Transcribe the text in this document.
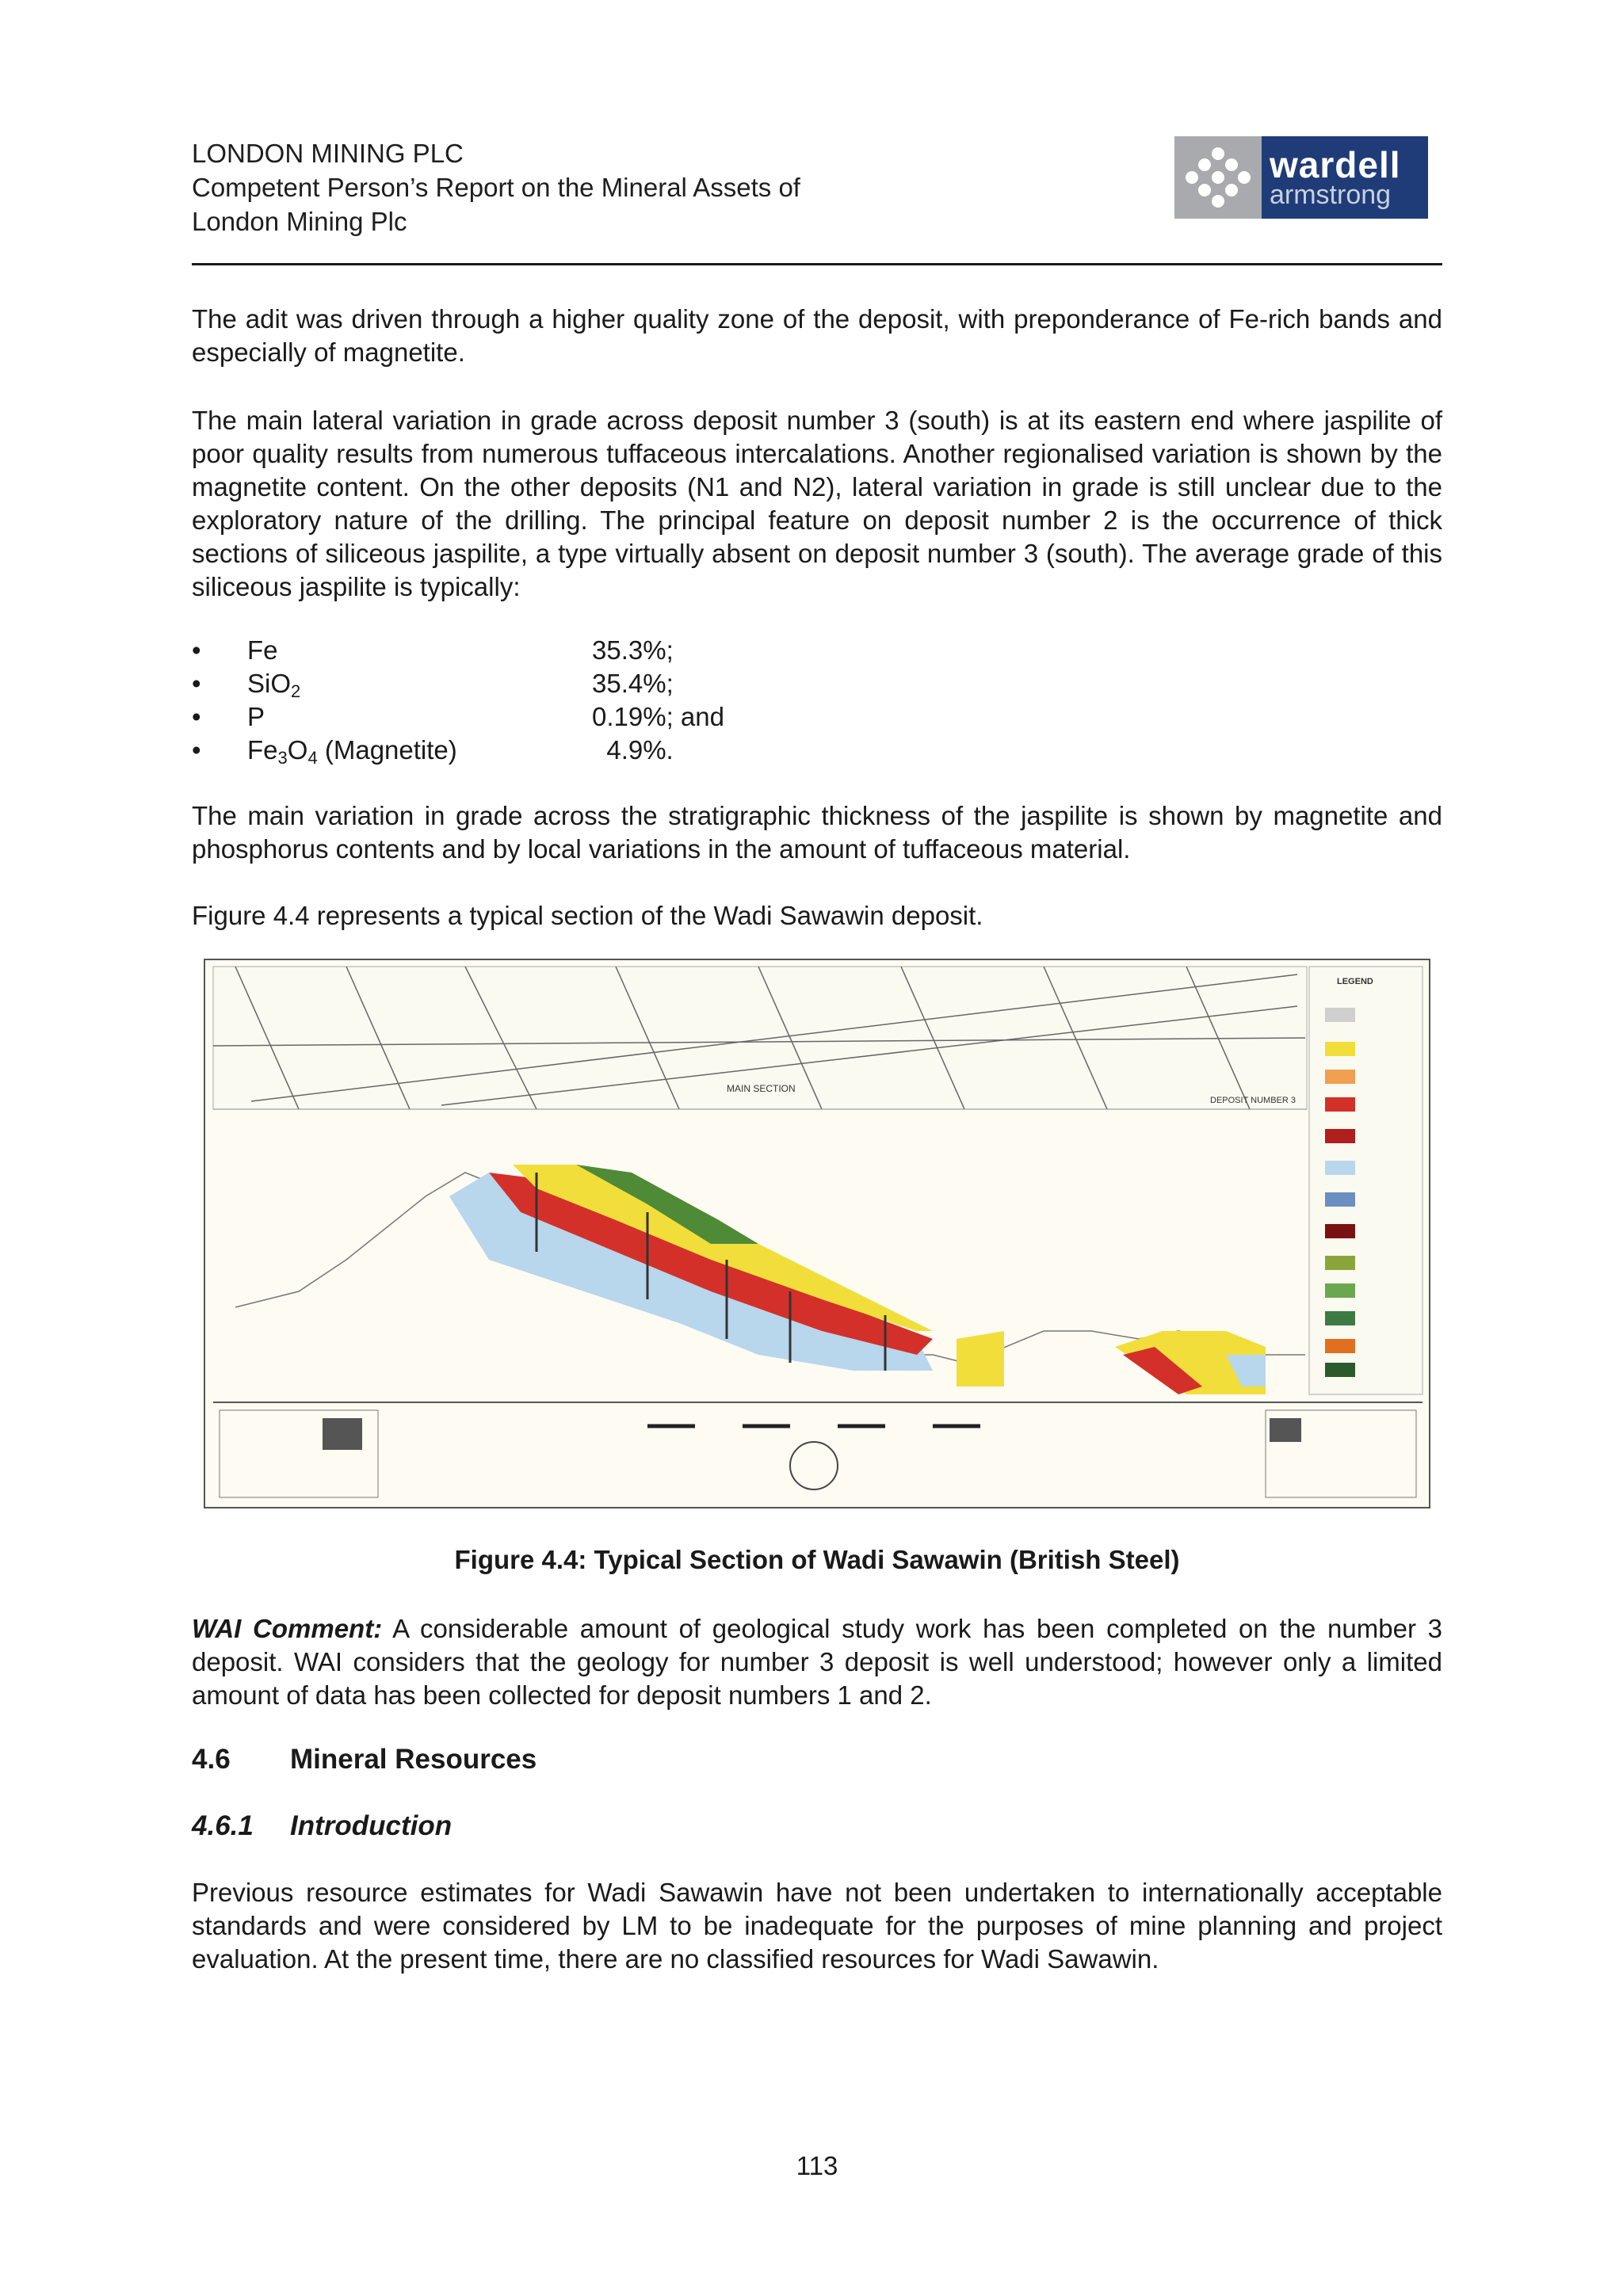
LONDON MINING PLC
Competent Person’s Report on the Mineral Assets of
London Mining Plc
wardell
armstrong
The adit was driven through a higher quality zone of the deposit, with preponderance of Fe-rich bands and especially of magnetite.
The main lateral variation in grade across deposit number 3 (south) is at its eastern end where jaspilite of poor quality results from numerous tuffaceous intercalations. Another regionalised variation is shown by the magnetite content. On the other deposits (N1 and N2), lateral variation in grade is still unclear due to the exploratory nature of the drilling. The principal feature on deposit number 2 is the occurrence of thick sections of siliceous jaspilite, a type virtually absent on deposit number 3 (south). The average grade of this siliceous jaspilite is typically:
•	Fe	35.3%;
•	SiO$_2$	35.4%;
•	P	0.19%; and
•	$Fe_3O_4$ (Magnetite)	4.9%.
The main variation in grade across the stratigraphic thickness of the jaspilite is shown by magnetite and phosphorus contents and by local variations in the amount of tuffaceous material.
Figure 4.4 represents a typical section of the Wadi Sawawin deposit.
MAIN SECTION
DEPOSIT NUMBER 3
LEGEND
Figure 4.4: Typical Section of Wadi Sawawin (British Steel)
WAI Comment: A considerable amount of geological study work has been completed on the number 3 deposit. WAI considers that the geology for number 3 deposit is well understood; however only a limited amount of data has been collected for deposit numbers 1 and 2.
4.6 Mineral Resources
4.6.1 Introduction
Previous resource estimates for Wadi Sawawin have not been undertaken to internationally acceptable standards and were considered by LM to be inadequate for the purposes of mine planning and project evaluation. At the present time, there are no classified resources for Wadi Sawawin.
113
